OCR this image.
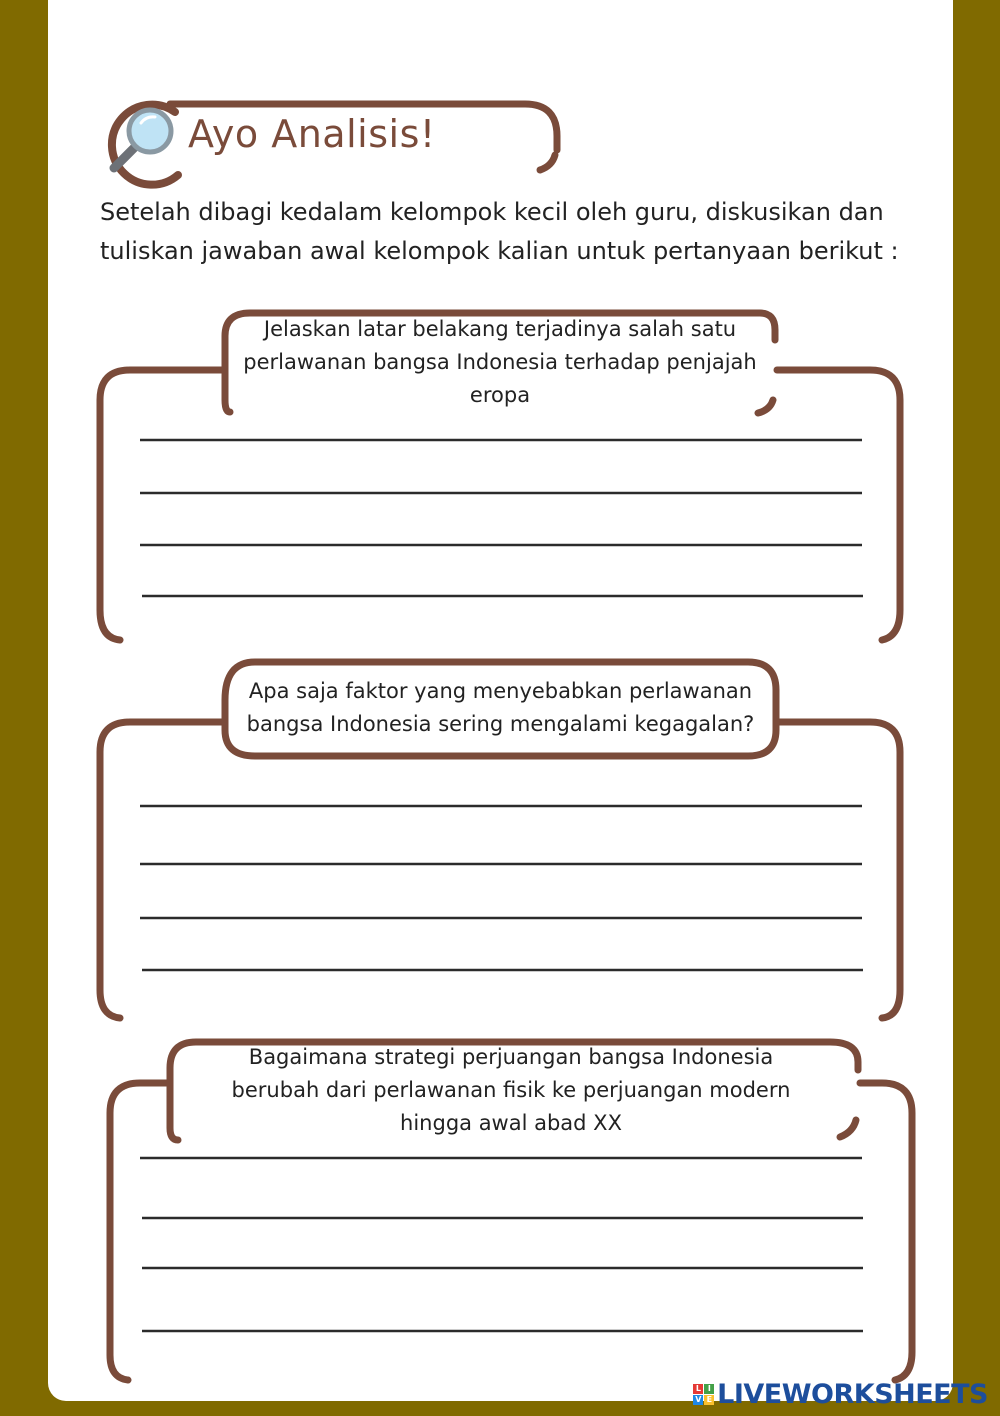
Ayo Analisis!
Setelah dibagi kedalam kelompok kecil oleh guru, diskusikan dan tuliskan jawaban awal kelompok kalian untuk pertanyaan berikut :
Jelaskan latar belakang terjadinya salah satu perlawanan bangsa Indonesia terhadap penjajah eropa
Apa saja faktor yang menyebabkan perlawanan bangsa Indonesia sering mengalami kegagalan?
Bagaimana strategi perjuangan bangsa Indonesia berubah dari perlawanan fisik ke perjuangan modern hingga awal abad XX
L I
V E LIVEWORKSHEETS
